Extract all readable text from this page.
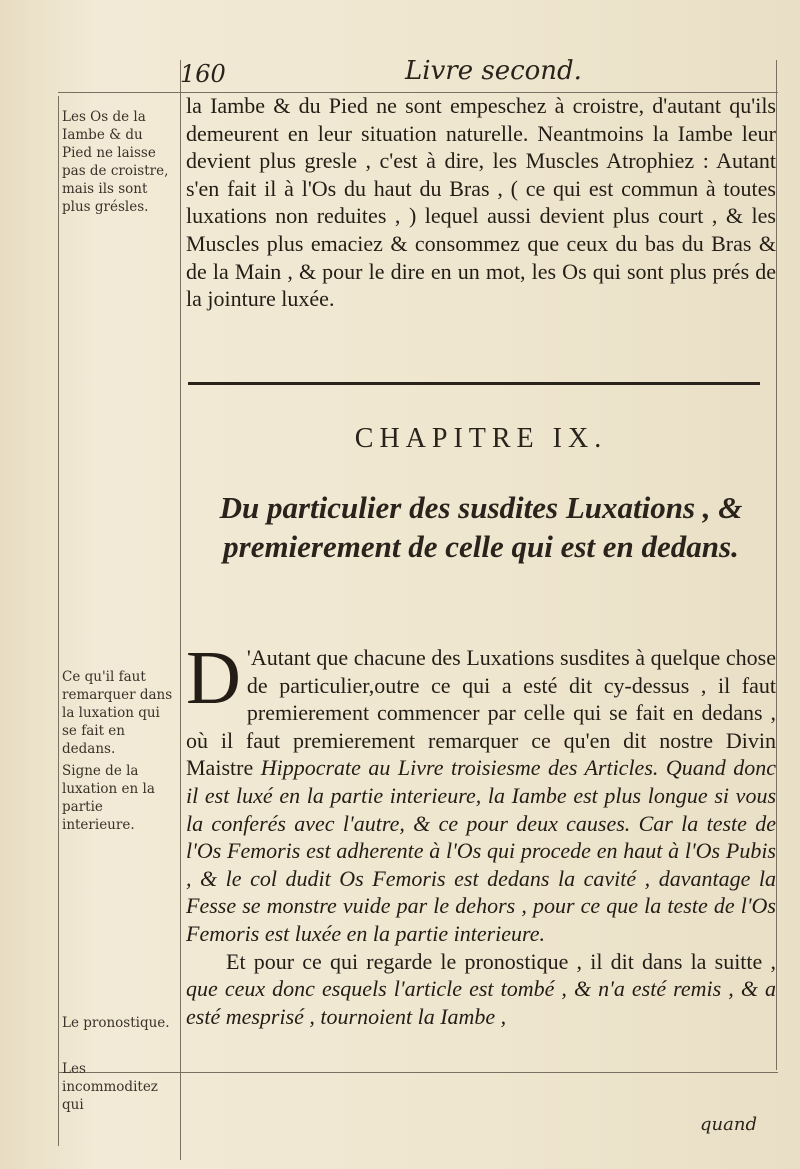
160	Livre second.
Les Os de la Iambe & du Pied ne laisse pas de croistre, mais ils sont plus grésles.
Ce qu'il faut remarquer dans la luxation qui se fait en dedans.
Signe de la luxation en la partie interieure.
Le pronostique.
Les incommoditez qui

la Iambe & du Pied ne sont empeschez à croistre, d'autant qu'ils demeurent en leur situation naturelle. Neantmoins la Iambe leur devient plus gresle , c'est à dire, les Muscles Atrophiez : Autant s'en fait il à l'Os du haut du Bras , ( ce qui est commun à toutes luxations non reduites , ) lequel aussi devient plus court , & les Muscles plus emaciez & consommez que ceux du bas du Bras & de la Main , & pour le dire en un mot, les Os qui sont plus prés de la jointure luxée.

CHAPITRE IX.
Du particulier des susdites Luxations , & premierement de celle qui est en dedans.

D 'Autant que chacune des Luxations susdites à quelque chose de particulier,outre ce qui a esté dit cy-dessus , il faut premierement commencer par celle qui se fait en dedans , où il faut premierement remarquer ce qu'en dit nostre Divin Maistre Hippocrate au Livre troisiesme des Articles. Quand donc il est luxé en la partie interieure, la Iambe est plus longue si vous la conferés avec l'autre, & ce pour deux causes. Car la teste de l'Os Femoris est adherente à l'Os qui procede en haut à l'Os Pubis , & le col dudit Os Femoris est dedans la cavité , davantage la Fesse se monstre vuide par le dehors , pour ce que la teste de l'Os Femoris est luxée en la partie interieure.

Et pour ce qui regarde le pronostique , il dit dans la suitte , que ceux donc esquels l'article est tombé , & n'a esté remis , & a esté mesprisé , tournoient la Iambe ,

quand
